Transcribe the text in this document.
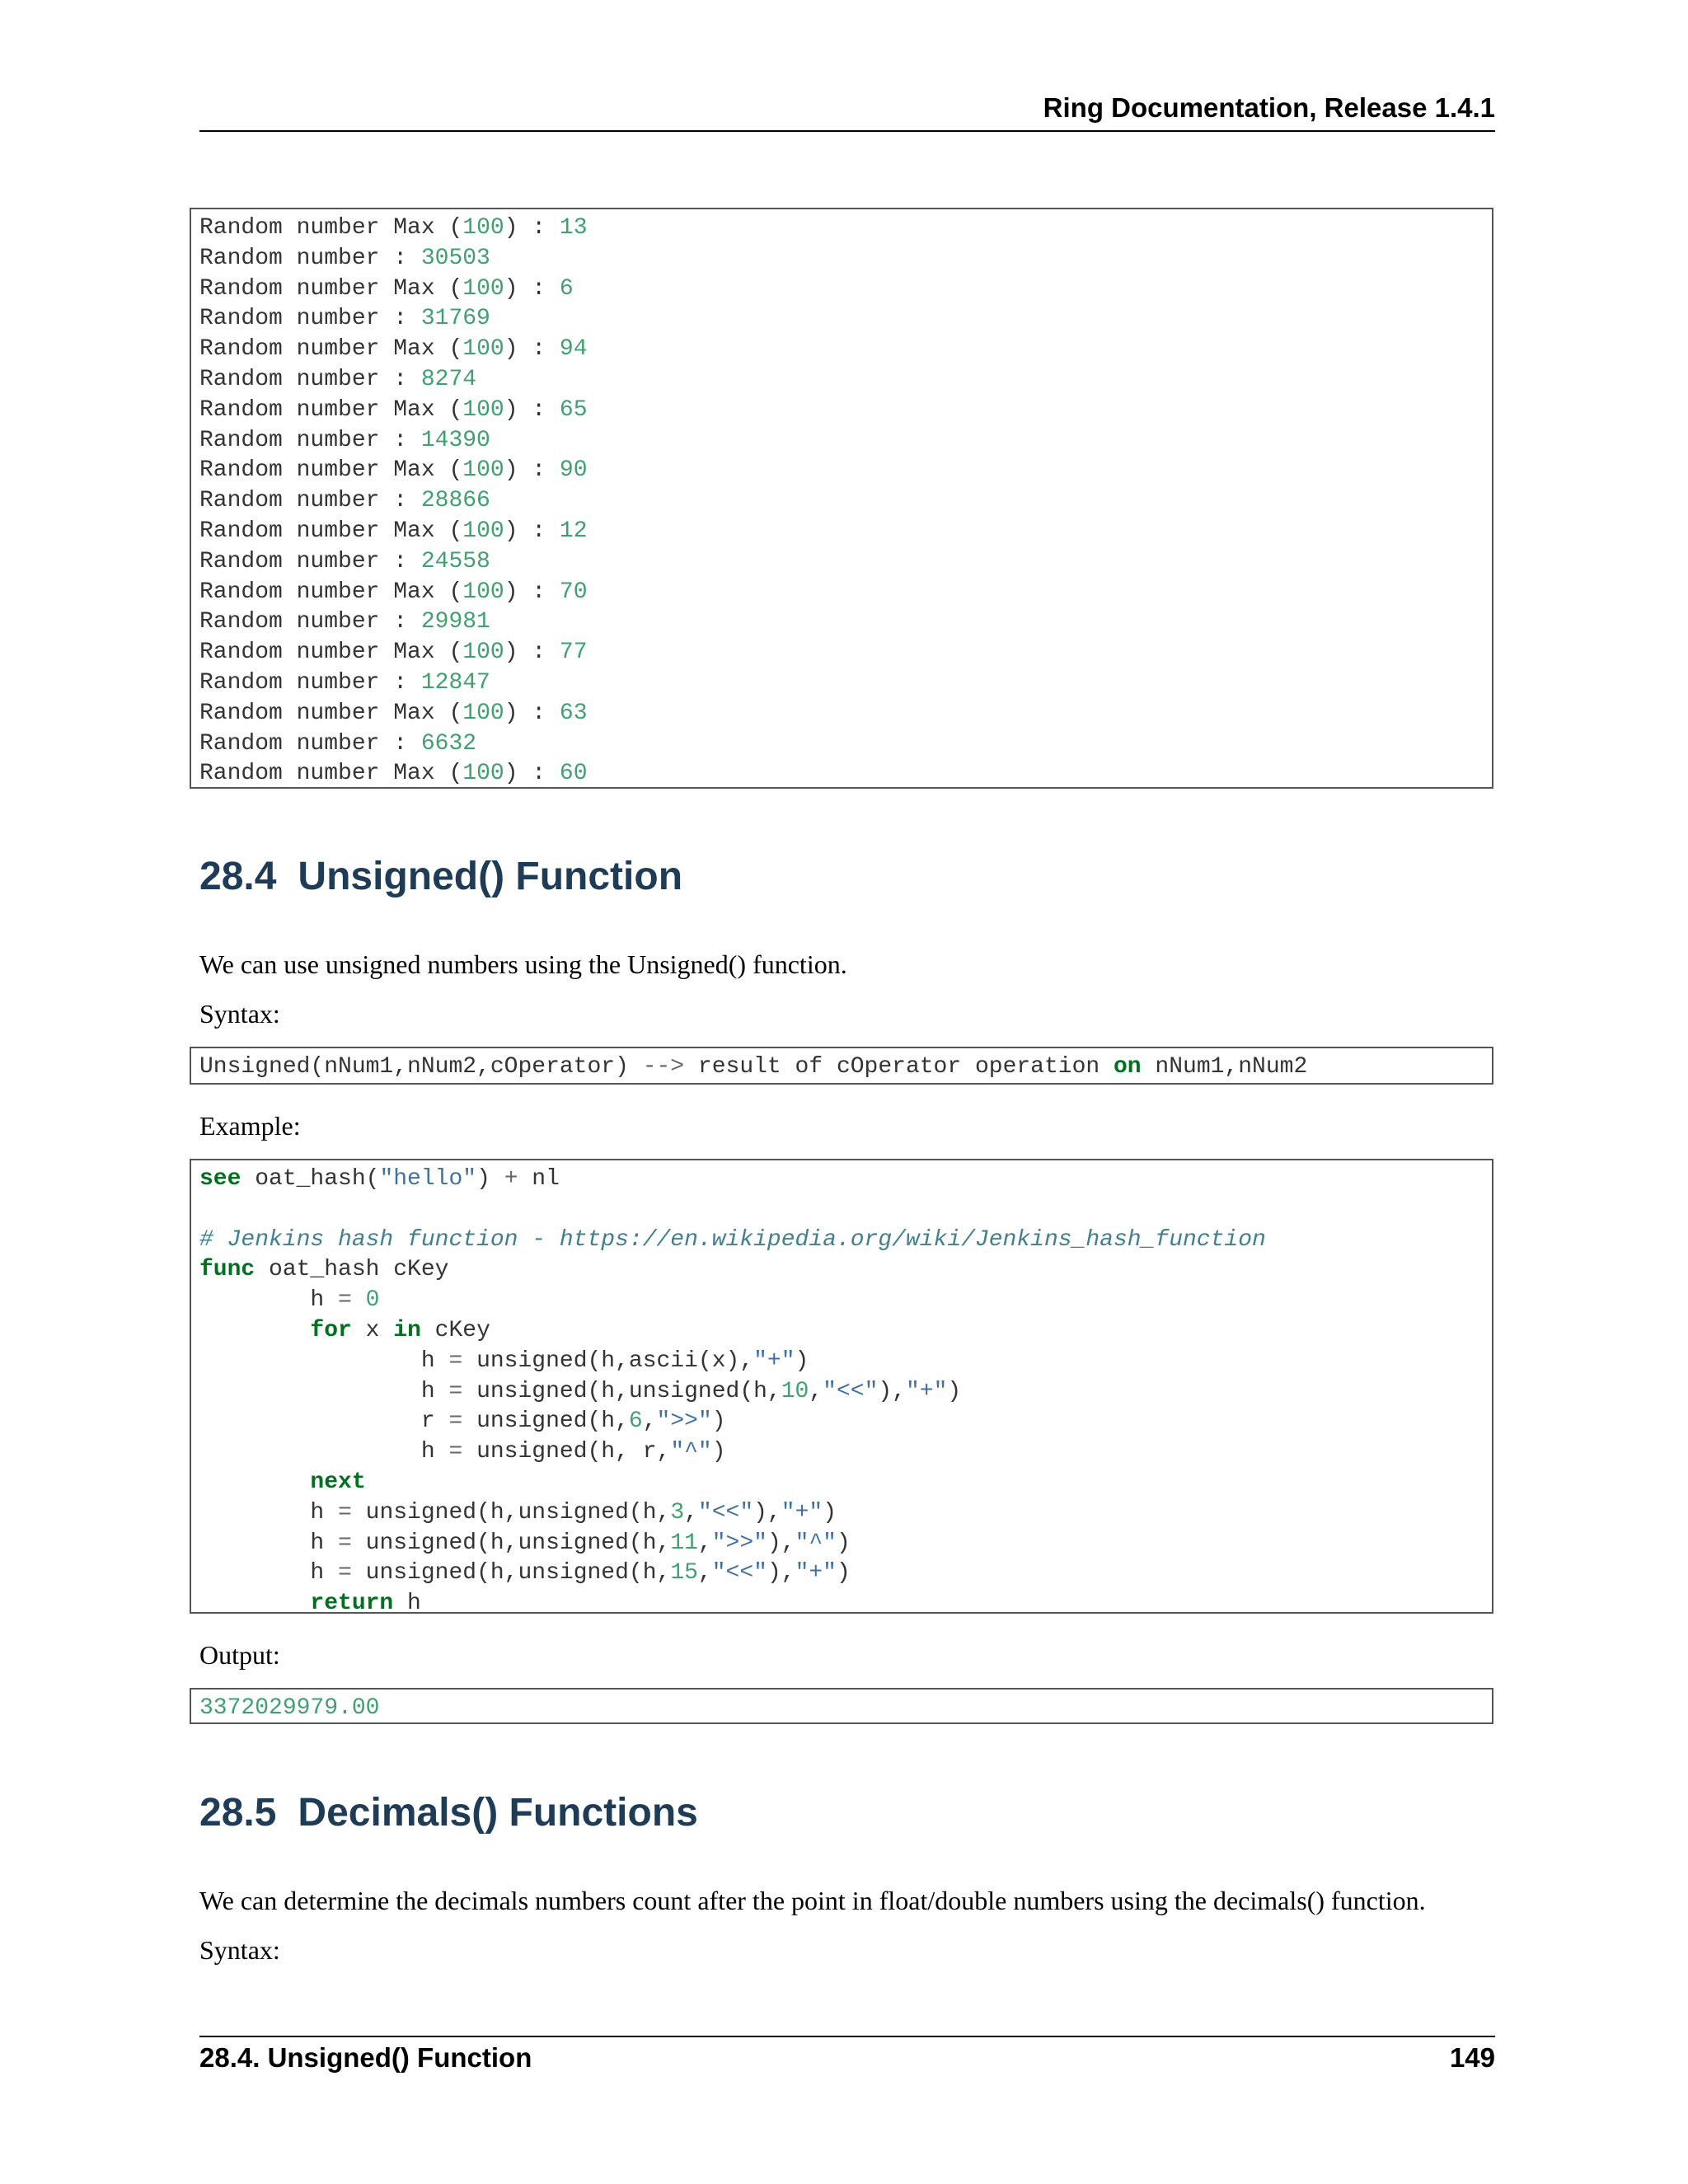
Ring Documentation, Release 1.4.1
Random number Max (100) : 13
Random number : 30503
Random number Max (100) : 6
Random number : 31769
Random number Max (100) : 94
Random number : 8274
Random number Max (100) : 65
Random number : 14390
Random number Max (100) : 90
Random number : 28866
Random number Max (100) : 12
Random number : 24558
Random number Max (100) : 70
Random number : 29981
Random number Max (100) : 77
Random number : 12847
Random number Max (100) : 63
Random number : 6632
Random number Max (100) : 60
28.4 Unsigned() Function
We can use unsigned numbers using the Unsigned() function.
Syntax:
Unsigned(nNum1,nNum2,cOperator) --> result of cOperator operation on nNum1,nNum2
Example:
see oat_hash("hello") + nl
# Jenkins hash function - https://en.wikipedia.org/wiki/Jenkins_hash_function
func oat_hash cKey
h = 0
for x in cKey
h = unsigned(h,ascii(x),"+")
h = unsigned(h,unsigned(h,10,"<<"),"+")
r = unsigned(h,6,">>")
h = unsigned(h, r,"^")
next
h = unsigned(h,unsigned(h,3,"<<"),"+")
h = unsigned(h,unsigned(h,11,">>"),"^")
h = unsigned(h,unsigned(h,15,"<<"),"+")
return h
Output:
3372029979.00
28.5 Decimals() Functions
We can determine the decimals numbers count after the point in float/double numbers using the decimals() function.
Syntax:
28.4. Unsigned() Function	149
